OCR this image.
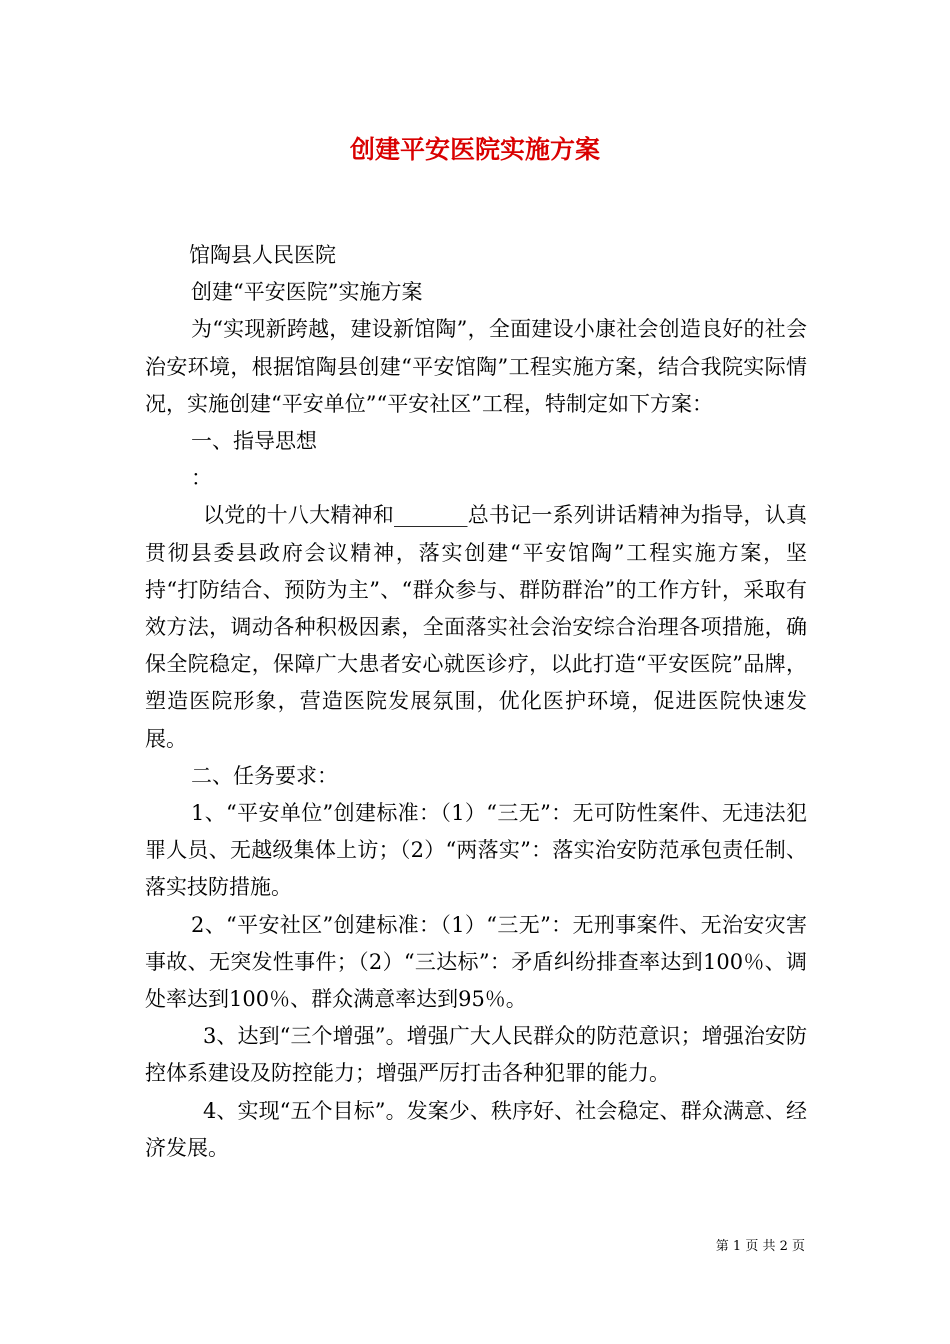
创建平安医院实施方案

馆陶县人民医院

创建“平安医院”实施方案

为“实现新跨越，建设新馆陶”，全面建设小康社会创造良好的社会治安环境，根据馆陶县创建“平安馆陶”工程实施方案，结合我院实际情况，实施创建“平安单位”“平安社区”工程，特制定如下方案：

一、指导思想

：

以党的十八大精神和_______总书记一系列讲话精神为指导，认真贯彻县委县政府会议精神，落实创建“平安馆陶”工程实施方案，坚持“打防结合、预防为主”、“群众参与、群防群治”的工作方针，采取有效方法，调动各种积极因素，全面落实社会治安综合治理各项措施，确保全院稳定，保障广大患者安心就医诊疗，以此打造“平安医院”品牌，塑造医院形象，营造医院发展氛围，优化医护环境，促进医院快速发展。

二、任务要求：

1、“平安单位”创建标准：（1）“三无”：无可防性案件、无违法犯罪人员、无越级集体上访；（2）“两落实”：落实治安防范承包责任制、落实技防措施。

2、“平安社区”创建标准：（1）“三无”：无刑事案件、无治安灾害事故、无突发性事件；（2）“三达标”：矛盾纠纷排查率达到100％、调处率达到100％、群众满意率达到95％。

3、达到“三个增强”。增强广大人民群众的防范意识；增强治安防控体系建设及防控能力；增强严厉打击各种犯罪的能力。

4、实现“五个目标”。发案少、秩序好、社会稳定、群众满意、经济发展。

第 1 页 共 2 页
